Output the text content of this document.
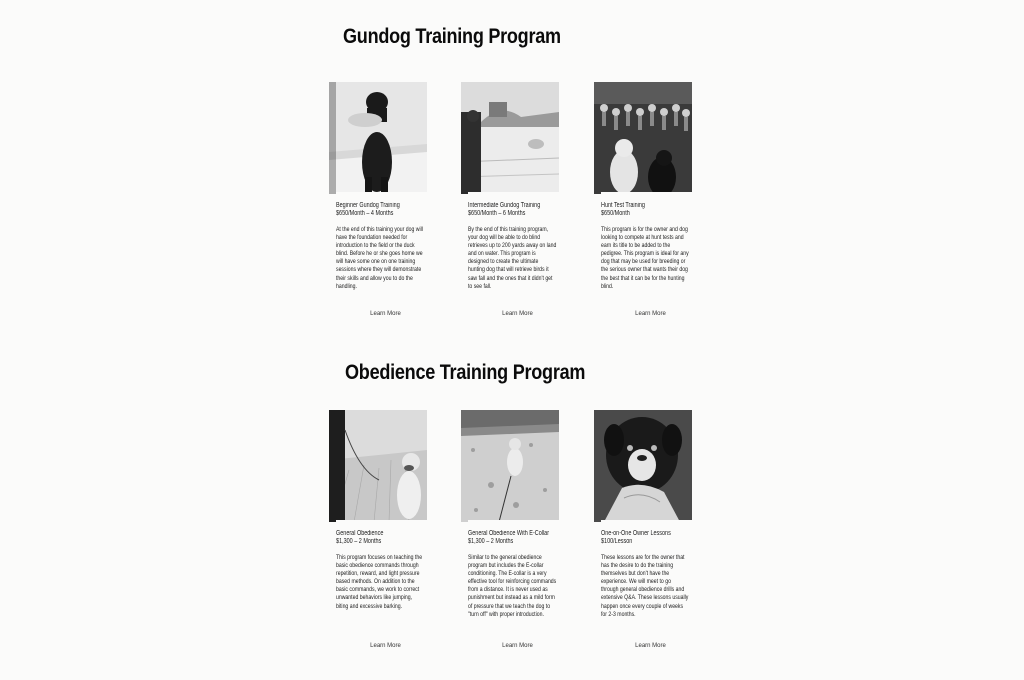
Gundog Training Program
Beginner Gundog Training
$650/Month – 4 Months
At the end of this training your dog will have the foundation needed for introduction to the field or the duck blind. Before he or she goes home we will have some one on one training sessions where they will demonstrate their skills and allow you to do the handling.
Learn More
Intermediate Gundog Training
$650/Month – 6 Months
By the end of this training program, your dog will be able to do blind retrieves up to 200 yards away on land and on water. This program is designed to create the ultimate hunting dog that will retrieve birds it saw fall and the ones that it didn't get to see fall.
Learn More
Hunt Test Training
$650/Month
This program is for the owner and dog looking to compete at hunt tests and earn its title to be added to the pedigree. This program is ideal for any dog that may be used for breeding or the serious owner that wants their dog the best that it can be for the hunting blind.
Learn More
Obedience Training Program
General Obedience
$1,300 – 2 Months
This program focuses on teaching the basic obedience commands through repetition, reward, and light pressure based methods. On addition to the basic commands, we work to correct unwanted behaviors like jumping, biting and excessive barking.
Learn More
General Obedience With E-Collar
$1,300 – 2 Months
Similar to the general obedience program but includes the E-collar conditioning. The E-collar is a very effective tool for reinforcing commands from a distance. It is never used as punishment but instead as a mild form of pressure that we teach the dog to "turn off" with proper introduction.
Learn More
One-on-One Owner Lessons
$100/Lesson
These lessons are for the owner that has the desire to do the training themselves but don't have the experience. We will meet to go through general obedience drills and extensive Q&A. These lessons usually happen once every couple of weeks for 2-3 months.
Learn More
